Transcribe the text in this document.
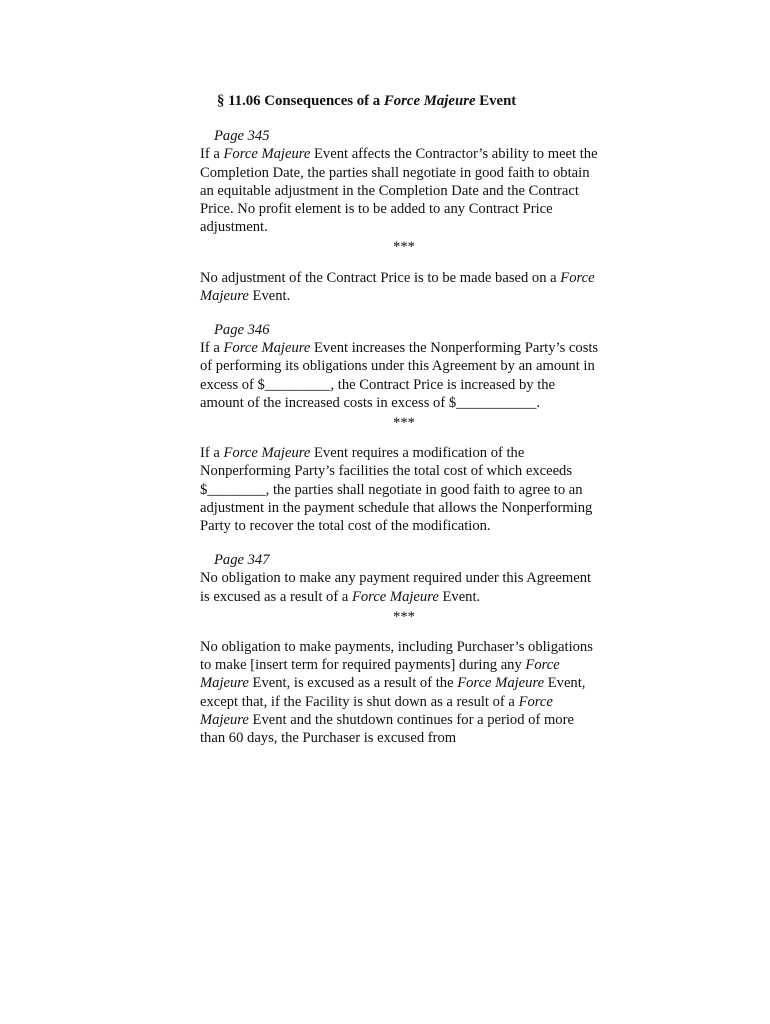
§ 11.06 Consequences of a Force Majeure Event
Page 345

If a Force Majeure Event affects the Contractor’s ability to meet the Completion Date, the parties shall negotiate in good faith to obtain an equitable adjustment in the Completion Date and the Contract Price. No profit element is to be added to any Contract Price adjustment.

***

No adjustment of the Contract Price is to be made based on a Force Majeure Event.

Page 346

If a Force Majeure Event increases the Nonperforming Party’s costs of performing its obligations under this Agreement by an amount in excess of $_________, the Contract Price is increased by the amount of the increased costs in excess of $___________.

***

If a Force Majeure Event requires a modification of the Nonperforming Party’s facilities the total cost of which exceeds $________, the parties shall negotiate in good faith to agree to an adjustment in the payment schedule that allows the Nonperforming Party to recover the total cost of the modification.

Page 347

No obligation to make any payment required under this Agreement is excused as a result of a Force Majeure Event.

***

No obligation to make payments, including Purchaser’s obligations to make [insert term for required payments] during any Force Majeure Event, is excused as a result of the Force Majeure Event, except that, if the Facility is shut down as a result of a Force Majeure Event and the shutdown continues for a period of more than 60 days, the Purchaser is excused from
